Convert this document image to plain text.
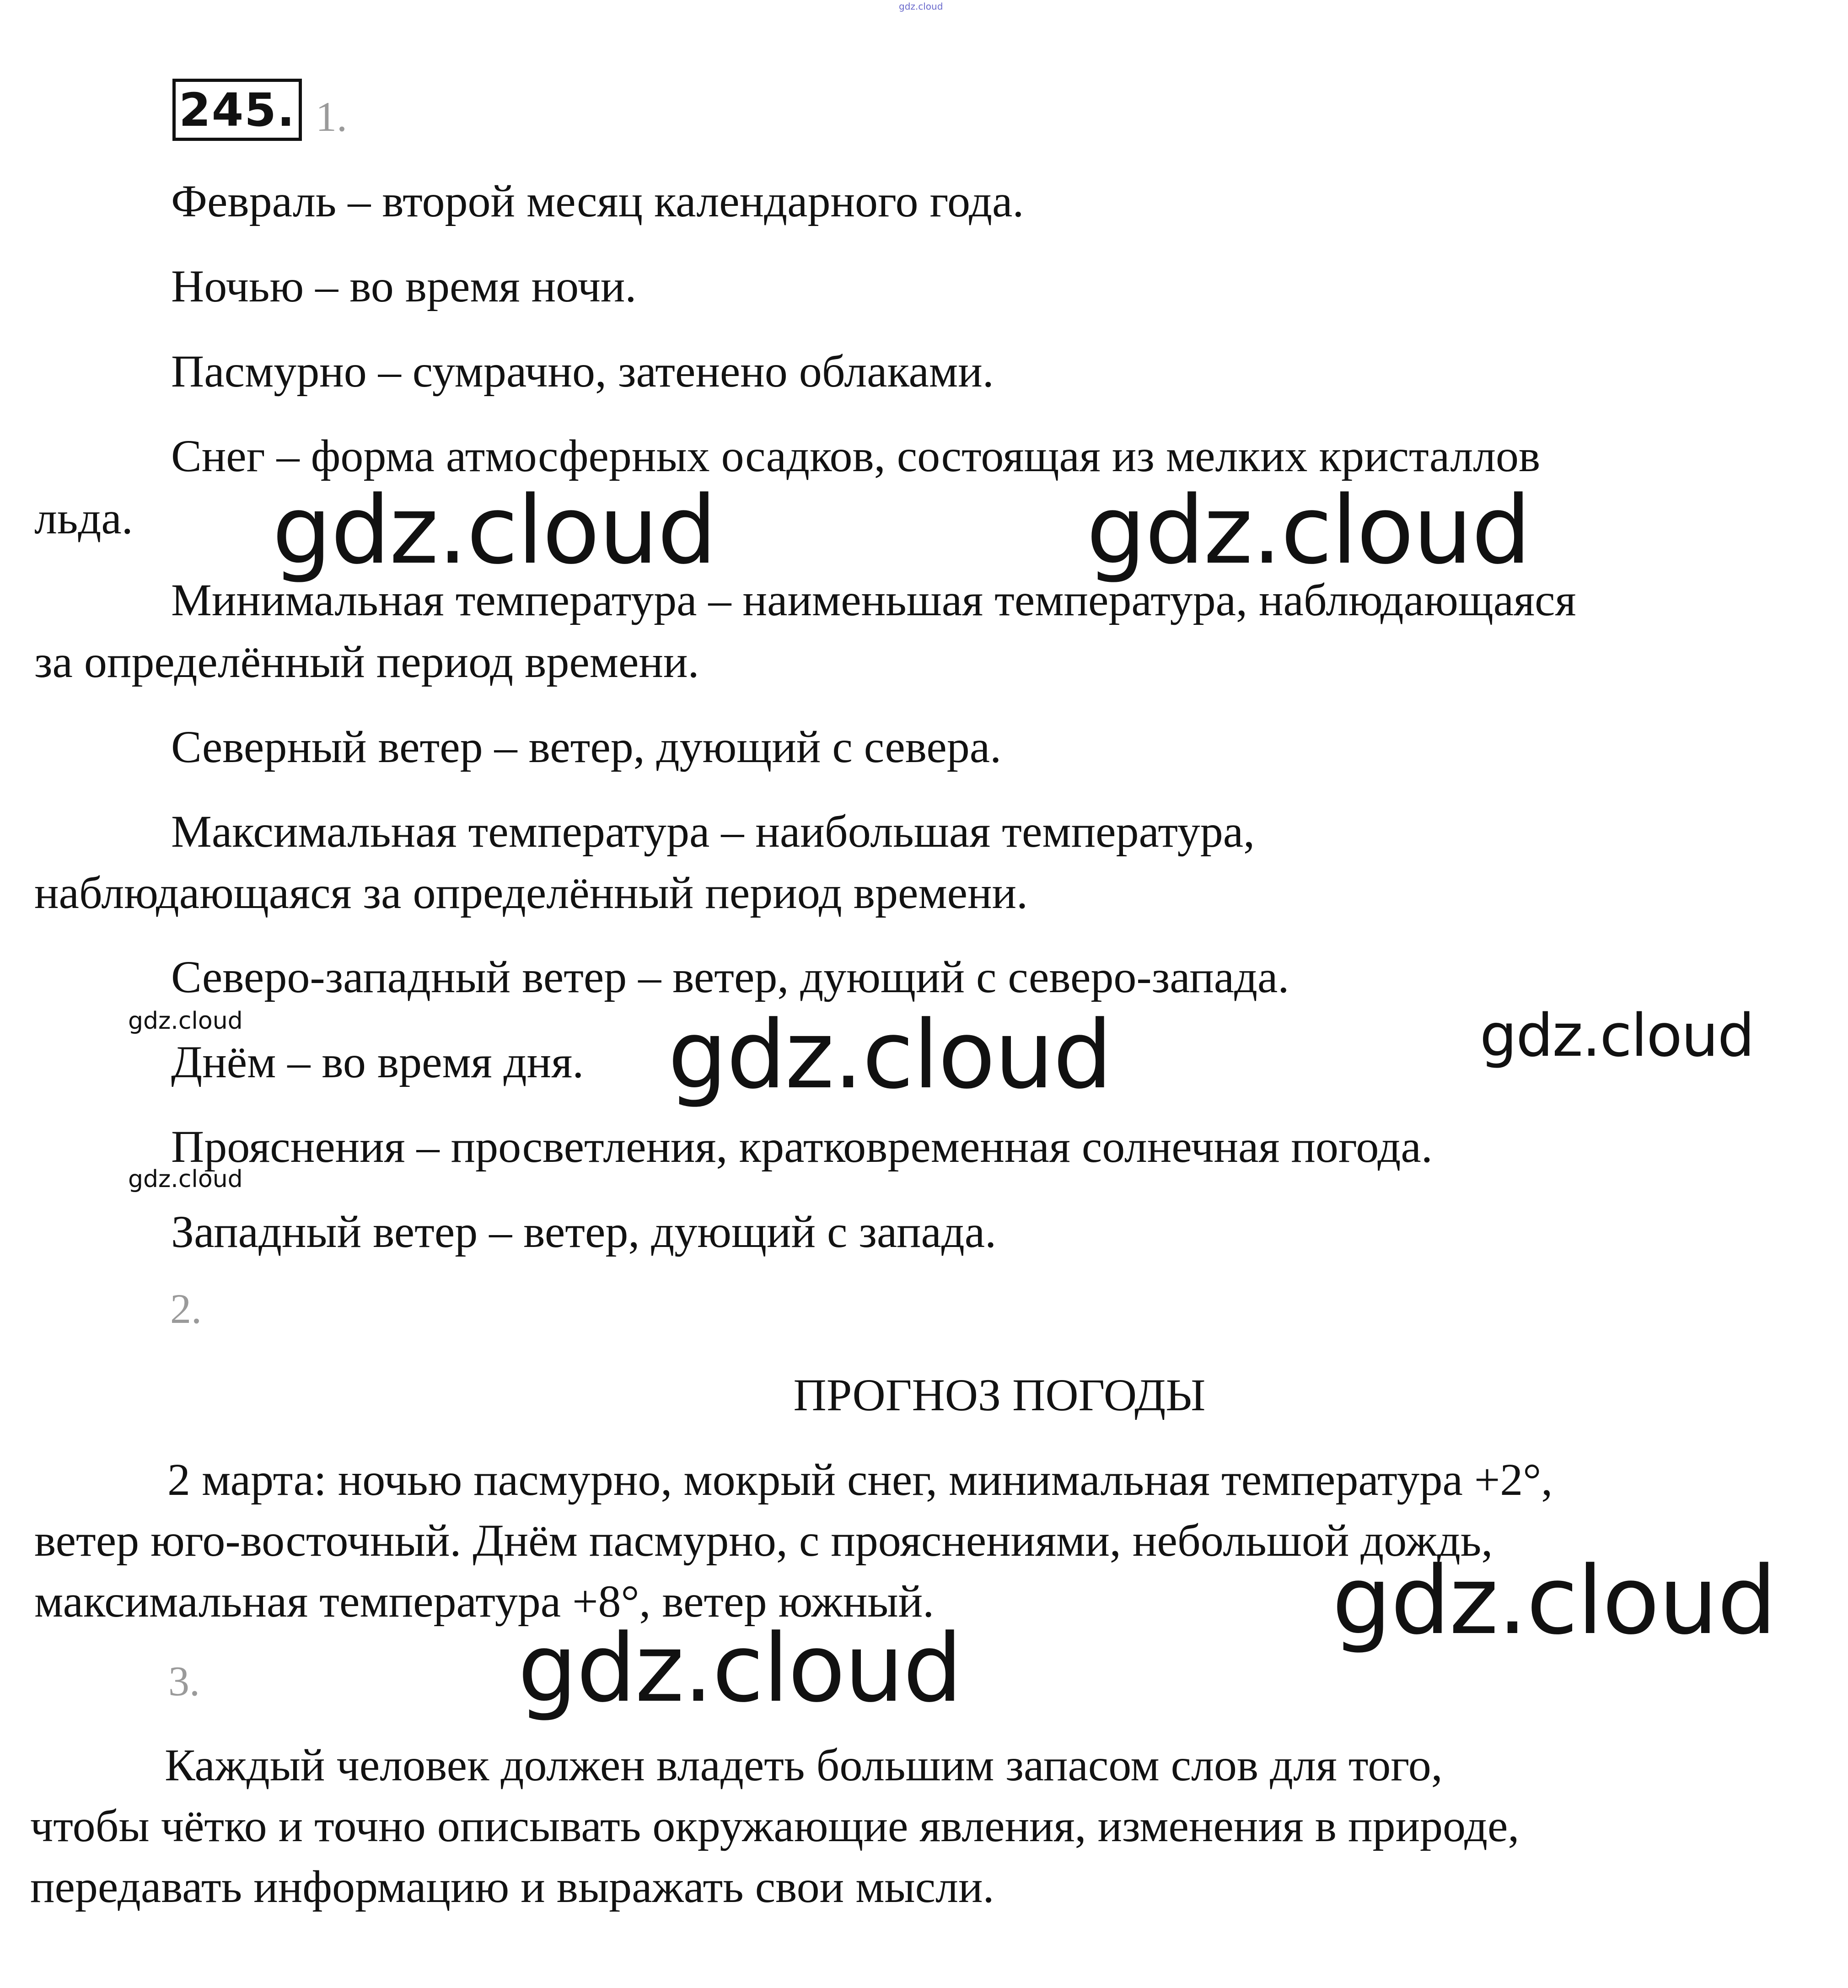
gdz.cloud
245. 1.
Февраль – второй месяц календарного года.
Ночью – во время ночи.
Пасмурно – сумрачно, затенено облаками.
Снег – форма атмосферных осадков, состоящая из мелких кристаллов
льда.
Минимальная температура – наименьшая температура, наблюдающаяся
за определённый период времени.
Северный ветер – ветер, дующий с севера.
Максимальная температура – наибольшая температура,
наблюдающаяся за определённый период времени.
Северо-западный ветер – ветер, дующий с северо-запада.
Днём – во время дня.
Прояснения – просветления, кратковременная солнечная погода.
Западный ветер – ветер, дующий с запада.
2.
ПРОГНОЗ ПОГОДЫ
2 марта: ночью пасмурно, мокрый снег, минимальная температура +2°,
ветер юго-восточный. Днём пасмурно, с прояснениями, небольшой дождь,
максимальная температура +8°, ветер южный.
3.
Каждый человек должен владеть большим запасом слов для того,
чтобы чётко и точно описывать окружающие явления, изменения в природе,
передавать информацию и выражать свои мысли.
gdz.cloud	gdz.cloud
gdz.cloud	gdz.cloud	gdz.cloud
gdz.cloud
gdz.cloud
gdz.cloud
